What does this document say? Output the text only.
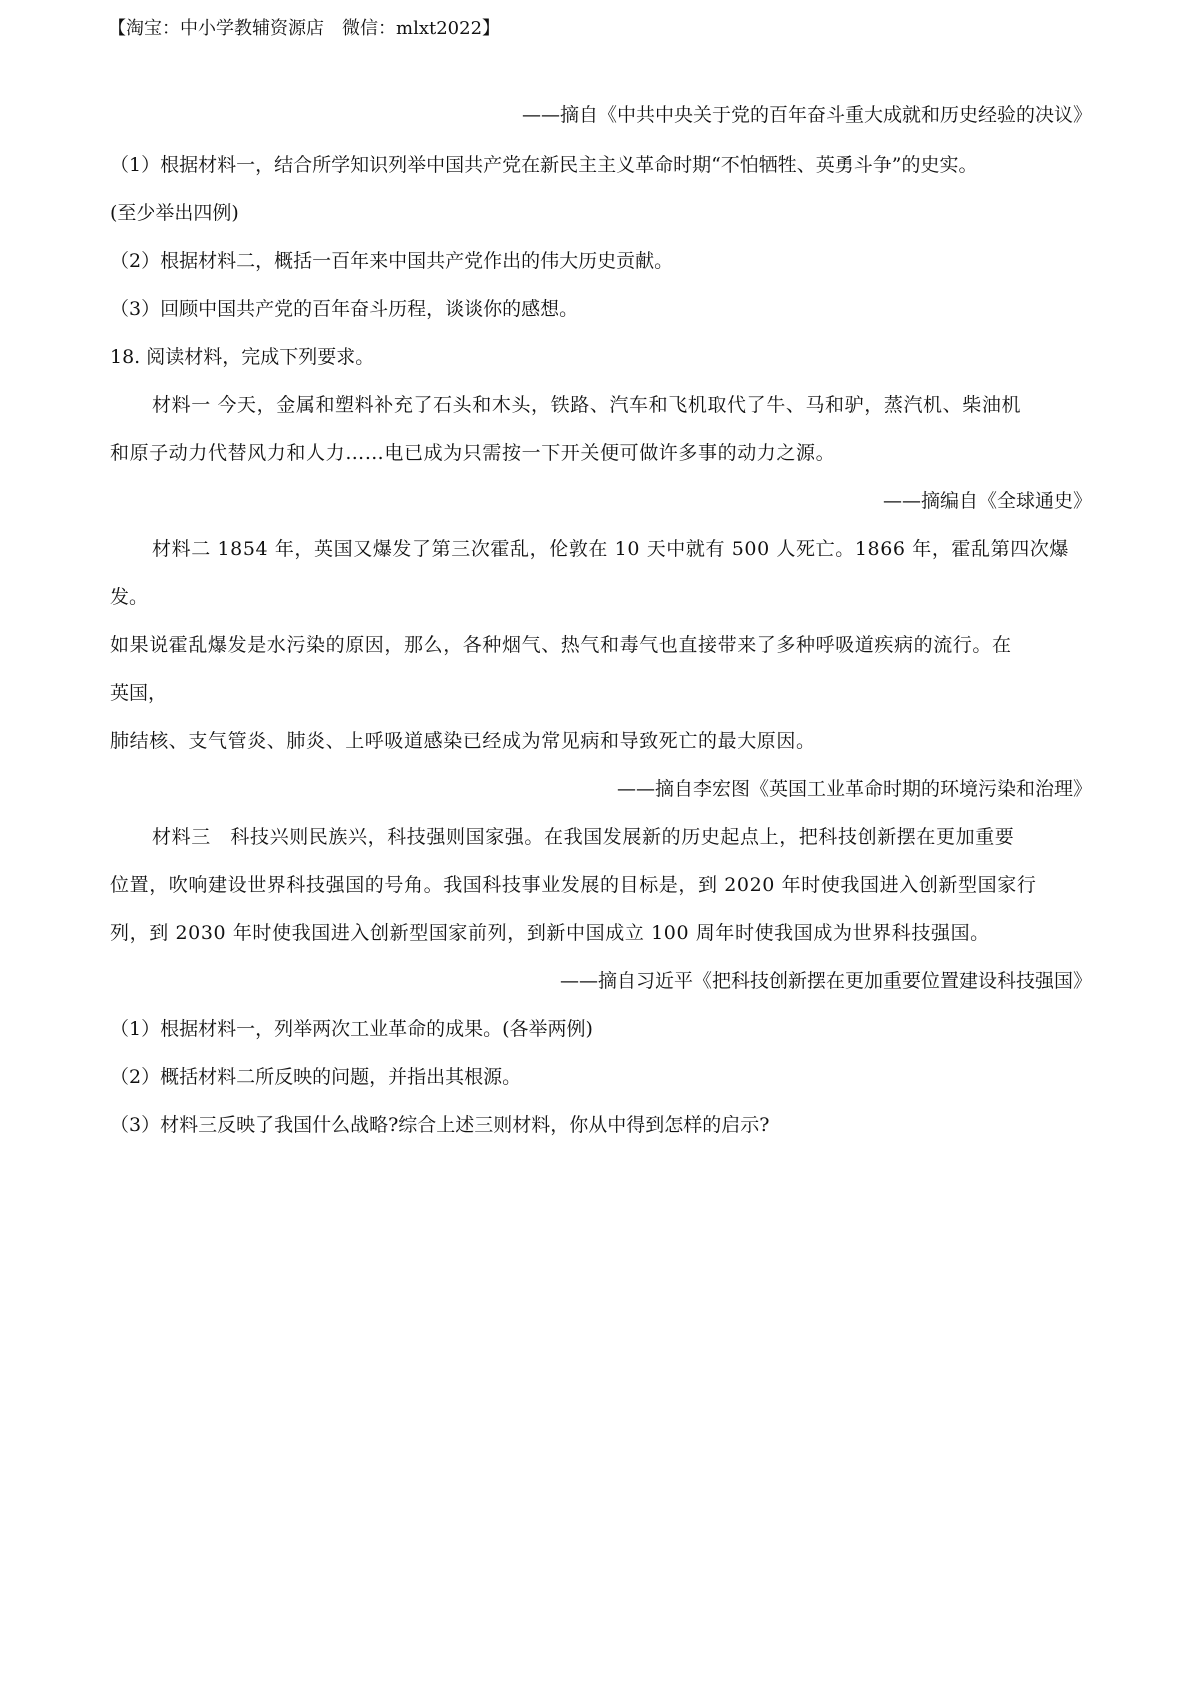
【淘宝：中小学教辅资源店　微信：mlxt2022】
——摘自《中共中央关于党的百年奋斗重大成就和历史经验的决议》
（1）根据材料一，结合所学知识列举中国共产党在新民主主义革命时期“不怕牺牲、英勇斗争”的史实。
(至少举出四例)
（2）根据材料二，概括一百年来中国共产党作出的伟大历史贡献。
（3）回顾中国共产党的百年奋斗历程，谈谈你的感想。
18. 阅读材料，完成下列要求。
材料一 今天，金属和塑料补充了石头和木头，铁路、汽车和飞机取代了牛、马和驴，蒸汽机、柴油机
和原子动力代替风力和人力……电已成为只需按一下开关便可做许多事的动力之源。
——摘编自《全球通史》
材料二 1854 年，英国又爆发了第三次霍乱，伦敦在 10 天中就有 500 人死亡。1866 年，霍乱第四次爆
发。
如果说霍乱爆发是水污染的原因，那么，各种烟气、热气和毒气也直接带来了多种呼吸道疾病的流行。在
英国，
肺结核、支气管炎、肺炎、上呼吸道感染已经成为常见病和导致死亡的最大原因。
——摘自李宏图《英国工业革命时期的环境污染和治理》
材料三　科技兴则民族兴，科技强则国家强。在我国发展新的历史起点上，把科技创新摆在更加重要
位置，吹响建设世界科技强国的号角。我国科技事业发展的目标是，到 2020 年时使我国进入创新型国家行
列，到 2030 年时使我国进入创新型国家前列，到新中国成立 100 周年时使我国成为世界科技强国。
——摘自习近平《把科技创新摆在更加重要位置建设科技强国》
（1）根据材料一，列举两次工业革命的成果。(各举两例)
（2）概括材料二所反映的问题，并指出其根源。
（3）材料三反映了我国什么战略?综合上述三则材料，你从中得到怎样的启示?
